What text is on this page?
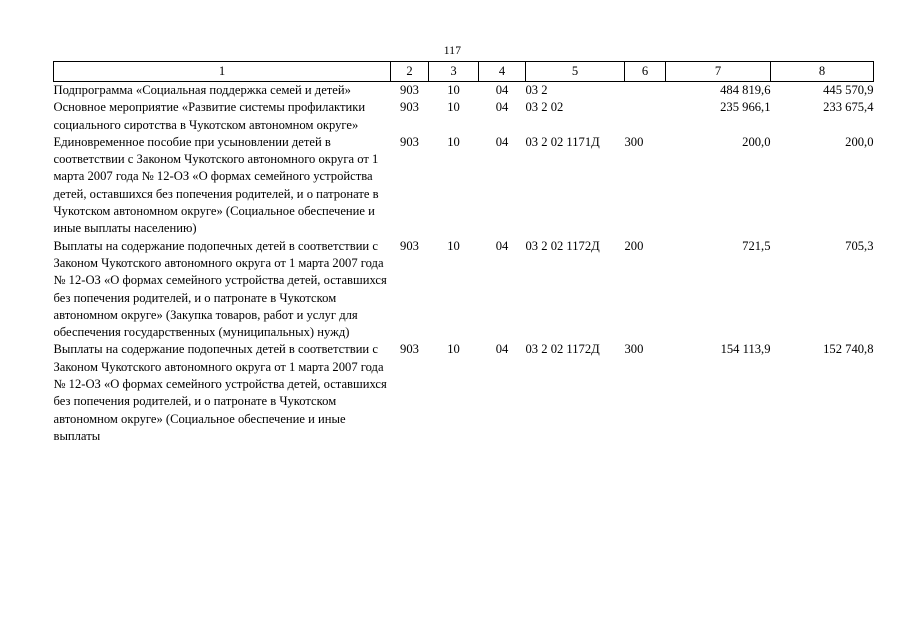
117
1	2	3	4	5	6	7	8
Подпрограмма «Социальная поддержка семей и детей»	903	10	04	03 2		484 819,6	445 570,9
Основное мероприятие «Развитие системы профилактики социального сиротства в Чукотском автономном округе»	903	10	04	03 2 02		235 966,1	233 675,4
Единовременное пособие при усыновлении детей в соответствии с Законом Чукотского автономного округа от 1 марта 2007 года № 12-ОЗ «О формах семейного устройства детей, оставшихся без попечения родителей, и о патронате в Чукотском автономном округе» (Социальное обеспечение и иные выплаты населению)	903	10	04	03 2 02 1171Д	300	200,0	200,0
Выплаты на содержание подопечных детей в соответствии с Законом Чукотского автономного округа от 1 марта 2007 года № 12-ОЗ «О формах семейного устройства детей, оставшихся без попечения родителей, и о патронате в Чукотском автономном округе» (Закупка товаров, работ и услуг для обеспечения государственных (муниципальных) нужд)	903	10	04	03 2 02 1172Д	200	721,5	705,3
Выплаты на содержание подопечных детей в соответствии с Законом Чукотского автономного округа от 1 марта 2007 года № 12-ОЗ «О формах семейного устройства детей, оставшихся без попечения родителей, и о патронате в Чукотском автономном округе» (Социальное обеспечение и иные выплаты	903	10	04	03 2 02 1172Д	300	154 113,9	152 740,8
